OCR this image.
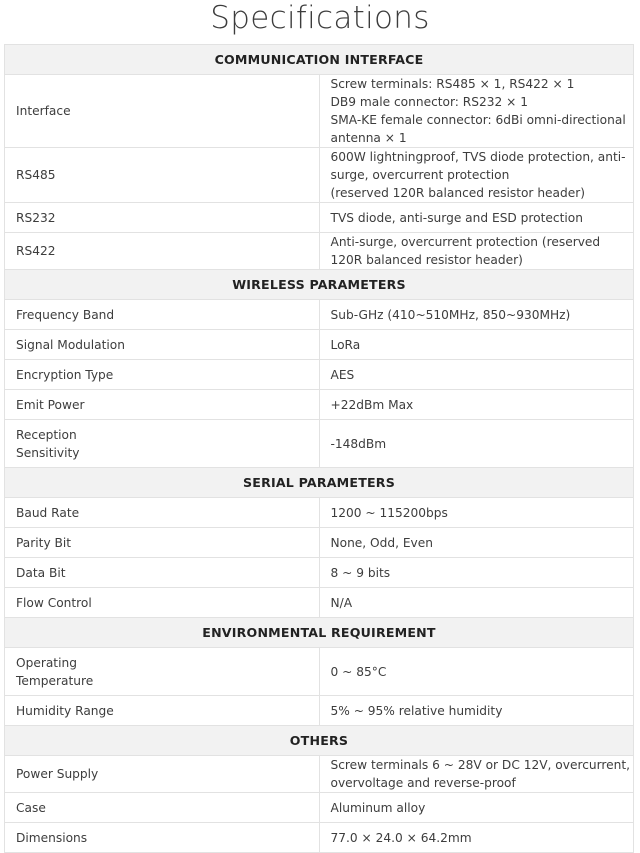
Specifications
COMMUNICATION INTERFACE	

Interface	Screw terminals: RS485 × 1, RS422 × 1
DB9 male connector: RS232 × 1
SMA-KE female connector: 6dBi omni-directional antenna × 1

RS485	600W lightningproof, TVS diode protection, anti-surge, overcurrent protection
(reserved 120R balanced resistor header)

RS232	TVS diode, anti-surge and ESD protection

RS422	Anti-surge, overcurrent protection (reserved 120R balanced resistor header)

WIRELESS PARAMETERS	

Frequency Band	Sub-GHz (410~510MHz, 850~930MHz)

Signal Modulation	LoRa

Encryption Type	AES

Emit Power	+22dBm Max

Reception
Sensitivity	-148dBm

SERIAL PARAMETERS	

Baud Rate	1200 ~ 115200bps

Parity Bit	None, Odd, Even

Data Bit	8 ~ 9 bits

Flow Control	N/A

ENVIRONMENTAL REQUIREMENT	

Operating
Temperature	0 ~ 85°C

Humidity Range	5% ~ 95% relative humidity

OTHERS	

Power Supply	Screw terminals 6 ~ 28V or DC 12V, overcurrent, overvoltage and reverse-proof

Case	Aluminum alloy

Dimensions	77.0 × 24.0 × 64.2mm
